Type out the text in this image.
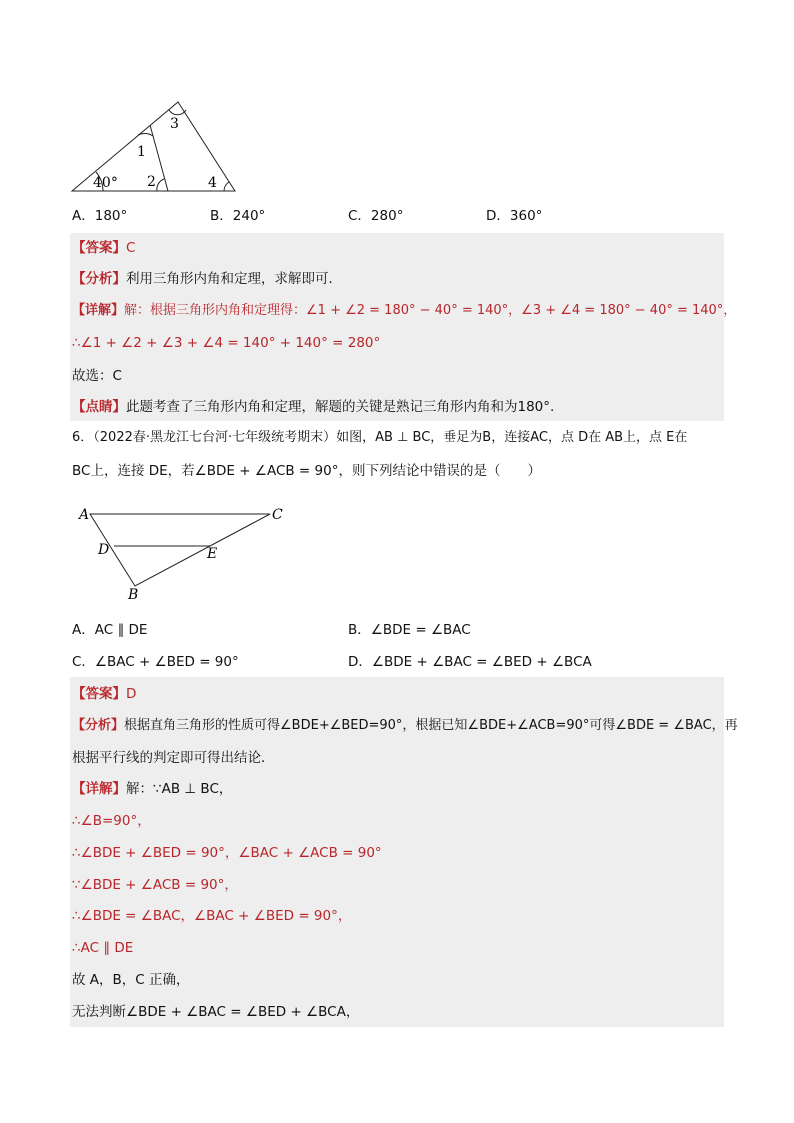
3
1
40° 2	4
A．180°	B．240°	C．280°	D．360°
【答案】C
【分析】利用三角形内角和定理，求解即可．
【详解】解：根据三角形内角和定理得：∠1 + ∠2 = 180° − 40° = 140°，∠3 + ∠4 = 180° − 40° = 140°，
∴∠1 + ∠2 + ∠3 + ∠4 = 140° + 140° = 280°
故选：C
【点睛】此题考查了三角形内角和定理，解题的关键是熟记三角形内角和为180°.
6．（2022春·黑龙江七台河·七年级统考期末）如图，AB ⊥ BC，垂足为B，连接AC，点 D在 AB上，点 E在
BC上，连接 DE，若∠BDE + ∠ACB = 90°，则下列结论中错误的是（　　）
A	C
D	E
B
A．AC ∥ DE	B．∠BDE = ∠BAC
C．∠BAC + ∠BED = 90°	D．∠BDE + ∠BAC = ∠BED + ∠BCA
【答案】D
【分析】根据直角三角形的性质可得∠BDE+∠BED=90°，根据已知∠BDE+∠ACB=90°可得∠BDE = ∠BAC，再
根据平行线的判定即可得出结论．
【详解】解：∵AB ⊥ BC，
∴∠B=90°，
∴∠BDE + ∠BED = 90°，∠BAC + ∠ACB = 90°
∵∠BDE + ∠ACB = 90°，
∴∠BDE = ∠BAC，∠BAC + ∠BED = 90°，
∴AC ∥ DE
故 A，B，C 正确，
无法判断∠BDE + ∠BAC = ∠BED + ∠BCA，
